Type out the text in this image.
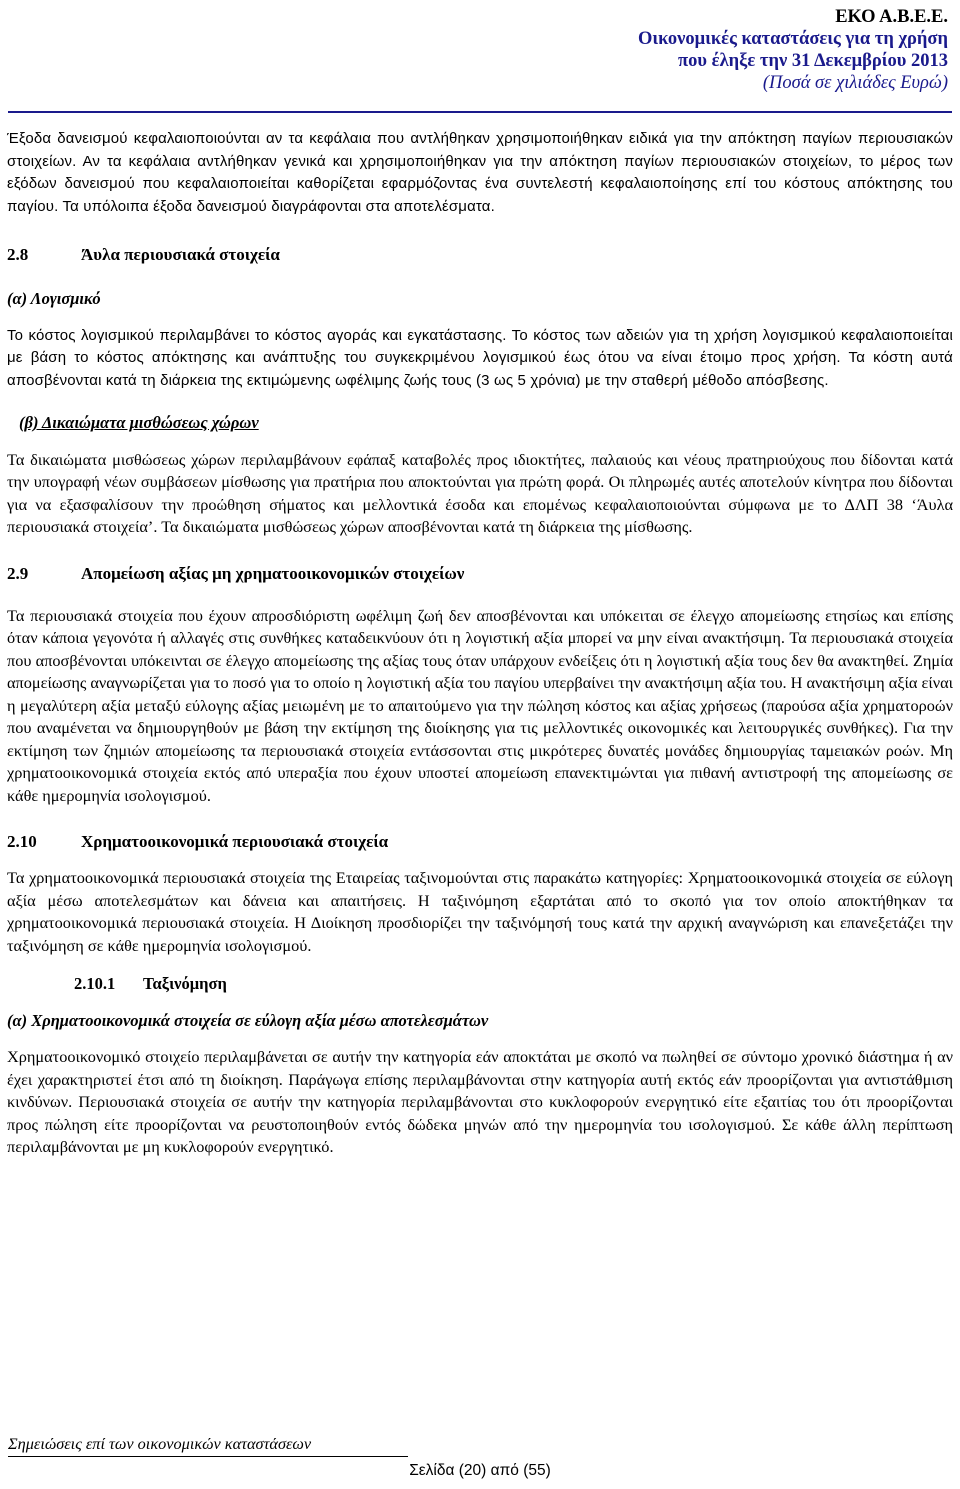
ΕΚΟ Α.Β.Ε.Ε.
Οικονομικές καταστάσεις για τη χρήση
που έληξε την 31 Δεκεμβρίου 2013
(Ποσά σε χιλιάδες Ευρώ)

Έξοδα δανεισμού κεφαλαιοποιούνται αν τα κεφάλαια που αντλήθηκαν χρησιμοποιήθηκαν ειδικά για την απόκτηση παγίων περιουσιακών στοιχείων. Αν τα κεφάλαια αντλήθηκαν γενικά και χρησιμοποιήθηκαν για την απόκτηση παγίων περιουσιακών στοιχείων, το μέρος των εξόδων δανεισμού που κεφαλαιοποιείται καθορίζεται εφαρμόζοντας ένα συντελεστή κεφαλαιοποίησης επί του κόστους απόκτησης του παγίου. Τα υπόλοιπα έξοδα δανεισμού διαγράφονται στα αποτελέσματα.

2.8	Άυλα περιουσιακά στοιχεία
(α) Λογισμικό

Το κόστος λογισμικού περιλαμβάνει το κόστος αγοράς και εγκατάστασης. Το κόστος των αδειών για τη χρήση λογισμικού κεφαλαιοποιείται με βάση το κόστος απόκτησης και ανάπτυξης του συγκεκριμένου λογισμικού έως ότου να είναι έτοιμο προς χρήση. Τα κόστη αυτά αποσβένονται κατά τη διάρκεια της εκτιμώμενης ωφέλιμης ζωής τους (3 ως 5 χρόνια) με την σταθερή μέθοδο απόσβεσης.

(β) Δικαιώματα μισθώσεως χώρων

Τα δικαιώματα μισθώσεως χώρων περιλαμβάνουν εφάπαξ καταβολές προς ιδιοκτήτες, παλαιούς και νέους πρατηριούχους που δίδονται κατά την υπογραφή νέων συμβάσεων μίσθωσης για πρατήρια που αποκτούνται για πρώτη φορά. Οι πληρωμές αυτές αποτελούν κίνητρα που δίδονται για να εξασφαλίσουν την προώθηση σήματος και μελλοντικά έσοδα και επομένως κεφαλαιοποιούνται σύμφωνα με το ΔΛΠ 38 ‘Άυλα περιουσιακά στοιχεία’. Τα δικαιώματα μισθώσεως χώρων αποσβένονται κατά τη διάρκεια της μίσθωσης.

2.9	Απομείωση αξίας μη χρηματοοικονομικών στοιχείων

Τα περιουσιακά στοιχεία που έχουν απροσδιόριστη ωφέλιμη ζωή δεν αποσβένονται και υπόκειται σε έλεγχο απομείωσης ετησίως και επίσης όταν κάποια γεγονότα ή αλλαγές στις συνθήκες καταδεικνύουν ότι η λογιστική αξία μπορεί να μην είναι ανακτήσιμη. Τα περιουσιακά στοιχεία που αποσβένονται υπόκεινται σε έλεγχο απομείωσης της αξίας τους όταν υπάρχουν ενδείξεις ότι η λογιστική αξία τους δεν θα ανακτηθεί. Ζημία απομείωσης αναγνωρίζεται για το ποσό για το οποίο η λογιστική αξία του παγίου υπερβαίνει την ανακτήσιμη αξία του. Η ανακτήσιμη αξία είναι η μεγαλύτερη αξία μεταξύ εύλογης αξίας μειωμένη με το απαιτούμενο για την πώληση κόστος και αξίας χρήσεως (παρούσα αξία χρηματοροών που αναμένεται να δημιουργηθούν με βάση την εκτίμηση της διοίκησης για τις μελλοντικές οικονομικές και λειτουργικές συνθήκες). Για την εκτίμηση των ζημιών απομείωσης τα περιουσιακά στοιχεία εντάσσονται στις μικρότερες δυνατές μονάδες δημιουργίας ταμειακών ροών. Μη χρηματοοικονομικά στοιχεία εκτός από υπεραξία που έχουν υποστεί απομείωση επανεκτιμώνται για πιθανή αντιστροφή της απομείωσης σε κάθε ημερομηνία ισολογισμού.

2.10	Χρηματοοικονομικά περιουσιακά στοιχεία

Τα χρηματοοικονομικά περιουσιακά στοιχεία της Εταιρείας ταξινομούνται στις παρακάτω κατηγορίες: Χρηματοοικονομικά στοιχεία σε εύλογη αξία μέσω αποτελεσμάτων και δάνεια και απαιτήσεις. Η ταξινόμηση εξαρτάται από το σκοπό για τον οποίο αποκτήθηκαν τα χρηματοοικονομικά περιουσιακά στοιχεία. Η Διοίκηση προσδιορίζει την ταξινόμησή τους κατά την αρχική αναγνώριση και επανεξετάζει την ταξινόμηση σε κάθε ημερομηνία ισολογισμού.

2.10.1	Ταξινόμηση
(α) Χρηματοοικονομικά στοιχεία σε εύλογη αξία μέσω αποτελεσμάτων

Χρηματοοικονομικό στοιχείο περιλαμβάνεται σε αυτήν την κατηγορία εάν αποκτάται με σκοπό να πωληθεί σε σύντομο χρονικό διάστημα ή αν έχει χαρακτηριστεί έτσι από τη διοίκηση. Παράγωγα επίσης περιλαμβάνονται στην κατηγορία αυτή εκτός εάν προορίζονται για αντιστάθμιση κινδύνων. Περιουσιακά στοιχεία σε αυτήν την κατηγορία περιλαμβάνονται στο κυκλοφορούν ενεργητικό είτε εξαιτίας του ότι προορίζονται προς πώληση είτε προορίζονται να ρευστοποιηθούν εντός δώδεκα μηνών από την ημερομηνία του ισολογισμού. Σε κάθε άλλη περίπτωση περιλαμβάνονται με μη κυκλοφορούν ενεργητικό.

Σημειώσεις επί των οικονομικών καταστάσεων
Σελίδα (20) από (55)
